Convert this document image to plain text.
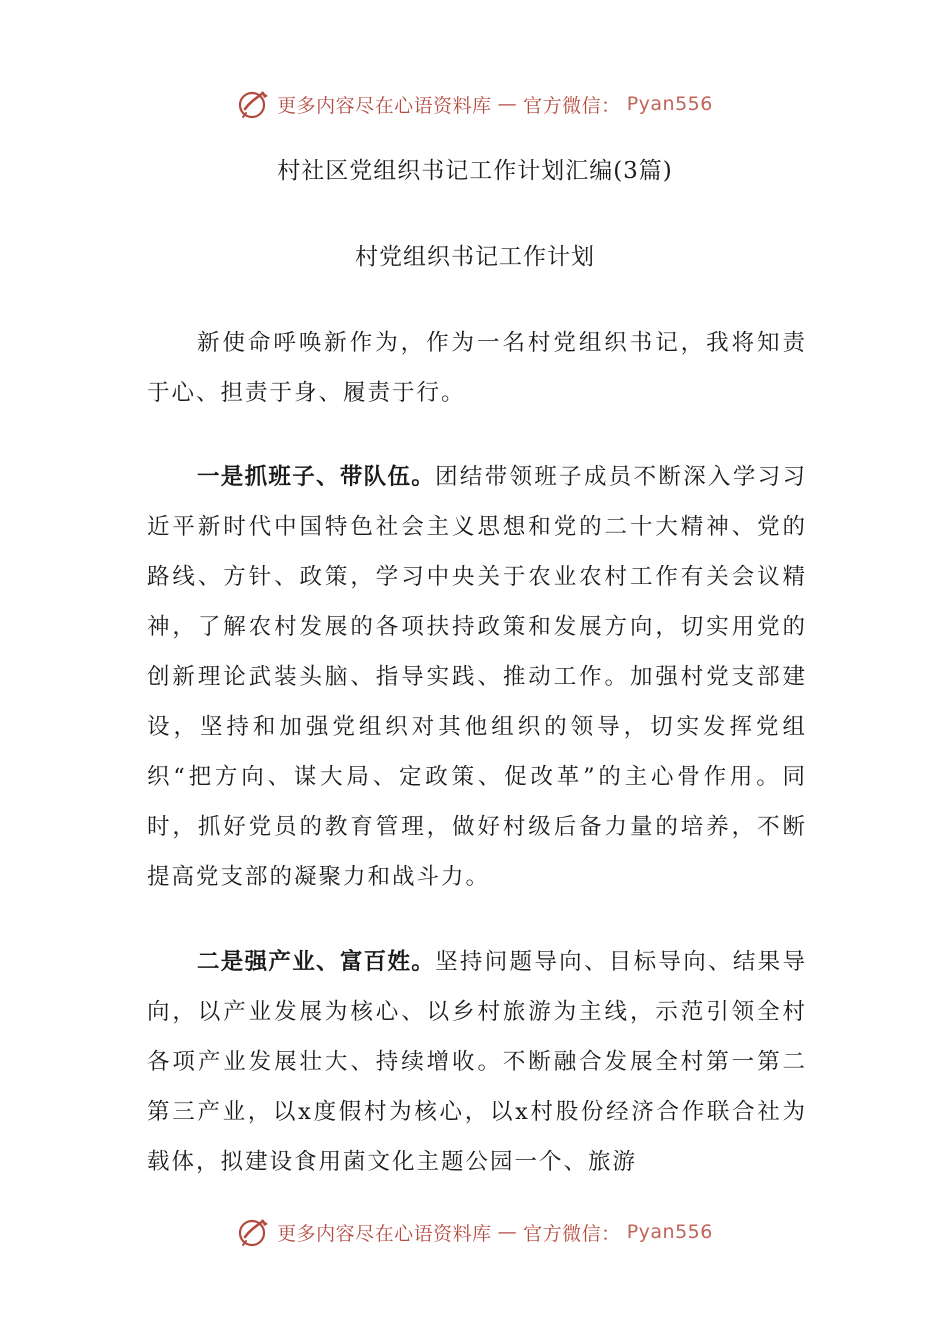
更多内容尽在心语资料库 — 官方微信： Pyan556
村社区党组织书记工作计划汇编(3篇)
村党组织书记工作计划

新使命呼唤新作为，作为一名村党组织书记，我将知责于心、担责于身、履责于行。

一是抓班子、带队伍。团结带领班子成员不断深入学习习近平新时代中国特色社会主义思想和党的二十大精神、党的路线、方针、政策，学习中央关于农业农村工作有关会议精神，了解农村发展的各项扶持政策和发展方向，切实用党的创新理论武装头脑、指导实践、推动工作。加强村党支部建设，坚持和加强党组织对其他组织的领导，切实发挥党组织“把方向、谋大局、定政策、促改革”的主心骨作用。同时，抓好党员的教育管理，做好村级后备力量的培养，不断提高党支部的凝聚力和战斗力。

二是强产业、富百姓。坚持问题导向、目标导向、结果导向，以产业发展为核心、以乡村旅游为主线，示范引领全村各项产业发展壮大、持续增收。不断融合发展全村第一第二第三产业，以x度假村为核心，以x村股份经济合作联合社为载体，拟建设食用菌文化主题公园一个、旅游

更多内容尽在心语资料库 — 官方微信： Pyan556
